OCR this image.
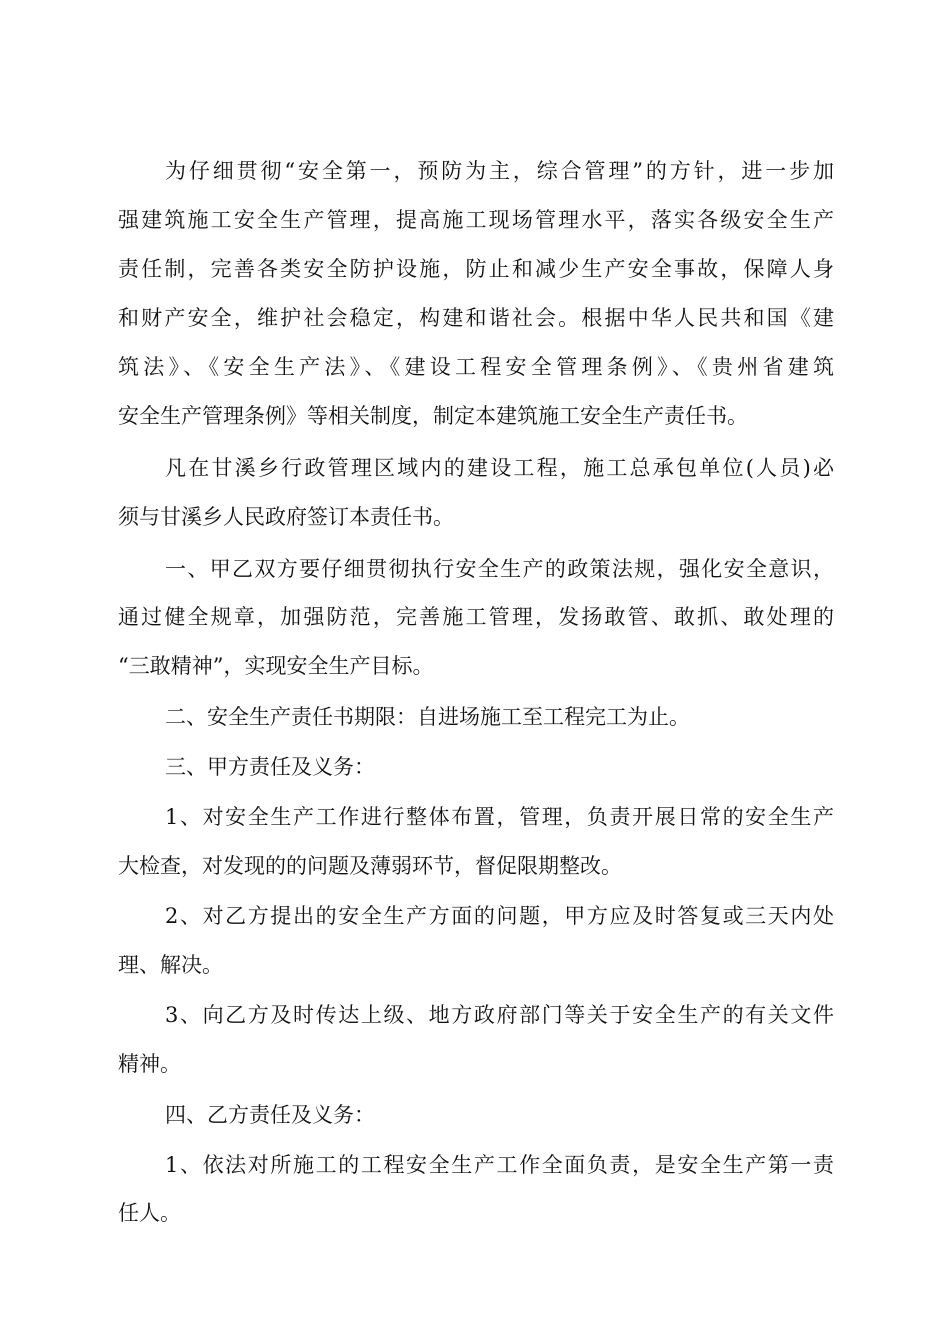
为仔细贯彻“安全第一，预防为主，综合管理”的方针，进一步加
强建筑施工安全生产管理，提高施工现场管理水平，落实各级安全生产
责任制，完善各类安全防护设施，防止和减少生产安全事故，保障人身
和财产安全，维护社会稳定，构建和谐社会。根据中华人民共和国《建
筑法》、《安全生产法》、《建设工程安全管理条例》、《贵州省建筑
安全生产管理条例》等相关制度，制定本建筑施工安全生产责任书。
凡在甘溪乡行政管理区域内的建设工程，施工总承包单位(人员)必
须与甘溪乡人民政府签订本责任书。
一、甲乙双方要仔细贯彻执行安全生产的政策法规，强化安全意识，
通过健全规章，加强防范，完善施工管理，发扬敢管、敢抓、敢处理的
“三敢精神”，实现安全生产目标。
二、安全生产责任书期限：自进场施工至工程完工为止。
三、甲方责任及义务：
1、对安全生产工作进行整体布置，管理，负责开展日常的安全生产
大检查，对发现的的问题及薄弱环节，督促限期整改。
2、对乙方提出的安全生产方面的问题，甲方应及时答复或三天内处
理、解决。
3、向乙方及时传达上级、地方政府部门等关于安全生产的有关文件
精神。
四、乙方责任及义务：
1、依法对所施工的工程安全生产工作全面负责，是安全生产第一责
任人。
